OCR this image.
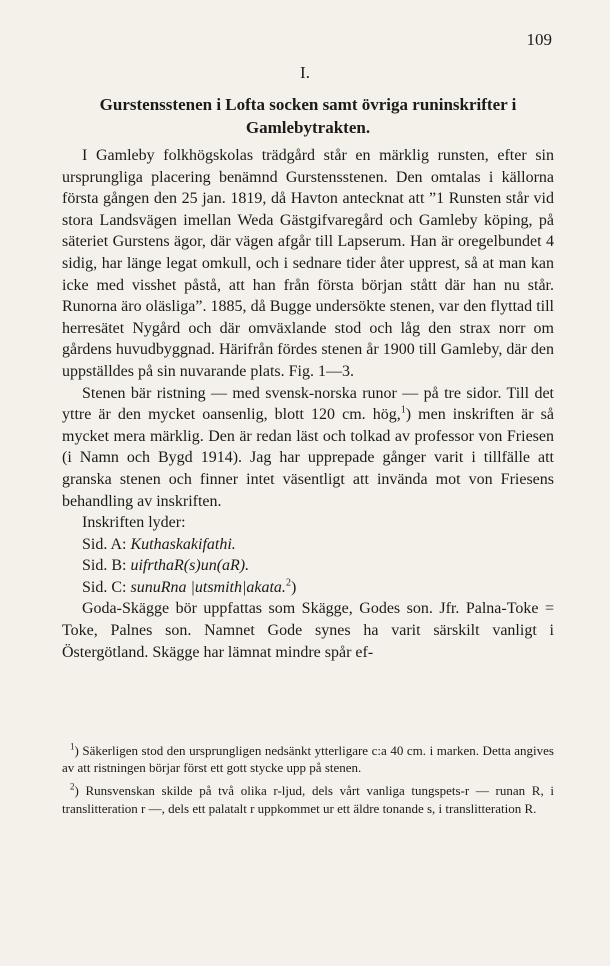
109
I.
Gurstensstenen i Lofta socken samt övriga runinskrifter i Gamlebytrakten.

I Gamleby folkhögskolas trädgård står en märklig runsten, efter sin ursprungliga placering benämnd Gurstensstenen. Den omtalas i källorna första gången den 25 jan. 1819, då Havton antecknat att ”1 Runsten står vid stora Landsvägen imellan Weda Gästgifvaregård och Gamleby köping, på säteriet Gurstens ägor, där vägen afgår till Lapserum. Han är oregelbundet 4 sidig, har länge legat omkull, och i sednare tider åter upprest, så at man kan icke med visshet påstå, att han från första början stått där han nu står. Runorna äro oläsliga”. 1885, då Bugge undersökte stenen, var den flyttad till herresätet Nygård och där omväxlande stod och låg den strax norr om gårdens huvudbyggnad. Härifrån fördes stenen år 1900 till Gamleby, där den uppställdes på sin nuvarande plats. Fig. 1—3.

Stenen bär ristning — med svensk-norska runor — på tre sidor. Till det yttre är den mycket oansenlig, blott 120 cm. hög,$^1$) men inskriften är så mycket mera märklig. Den är redan läst och tolkad av professor von Friesen (i Namn och Bygd 1914). Jag har upprepade gånger varit i tillfälle att granska stenen och finner intet väsentligt att invända mot von Friesens behandling av inskriften.

Inskriften lyder:

Sid. A: Kuthaskakifathi.
Sid. B: uifrthaR(s)un(aR).
Sid. C: sunuRna |utsmith|akata.$^2$)

Goda-Skägge bör uppfattas som Skägge, Godes son. Jfr. Palna-Toke = Toke, Palnes son. Namnet Gode synes ha varit särskilt vanligt i Östergötland. Skägge har lämnat mindre spår ef-

$^1$) Säkerligen stod den ursprungligen nedsänkt ytterligare c:a 40 cm. i marken. Detta angives av att ristningen börjar först ett gott stycke upp på stenen.

$^2$) Runsvenskan skilde på två olika r-ljud, dels vårt vanliga tungspets-r — runan R, i translitteration r —, dels ett palatalt r uppkommet ur ett äldre tonande s, i translitteration R.
